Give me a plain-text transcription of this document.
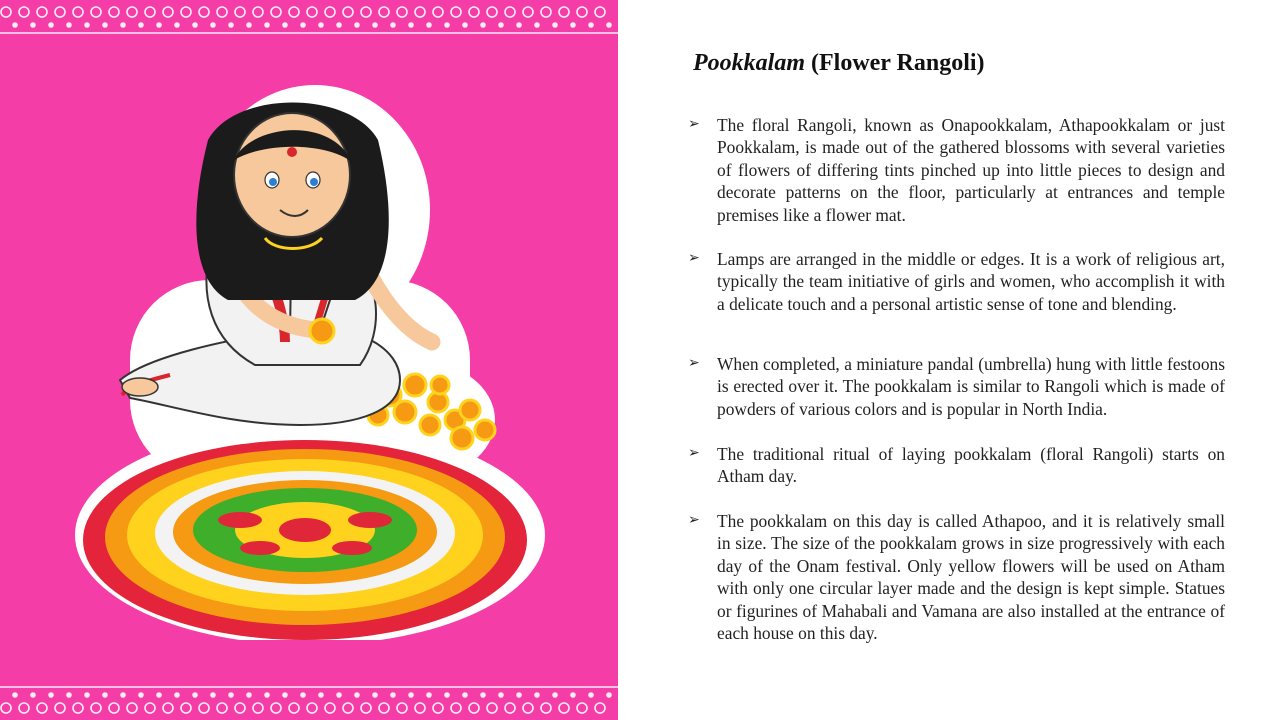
Pookkalam (Flower Rangoli)
➢ The floral Rangoli, known as Onapookkalam, Athapookkalam or just Pookkalam, is made out of the gathered blossoms with several varieties of flowers of differing tints pinched up into little pieces to design and decorate patterns on the floor, particularly at entrances and temple premises like a flower mat.
➢ Lamps are arranged in the middle or edges. It is a work of religious art, typically the team initiative of girls and women, who accomplish it with a delicate touch and a personal artistic sense of tone and blending.
➢ When completed, a miniature pandal (umbrella) hung with little festoons is erected over it. The pookkalam is similar to Rangoli which is made of powders of various colors and is popular in North India.
➢ The traditional ritual of laying pookkalam (floral Rangoli) starts on Atham day.
➢ The pookkalam on this day is called Athapoo, and it is relatively small in size. The size of the pookkalam grows in size progressively with each day of the Onam festival. Only yellow flowers will be used on Atham with only one circular layer made and the design is kept simple. Statues or figurines of Mahabali and Vamana are also installed at the entrance of each house on this day.
